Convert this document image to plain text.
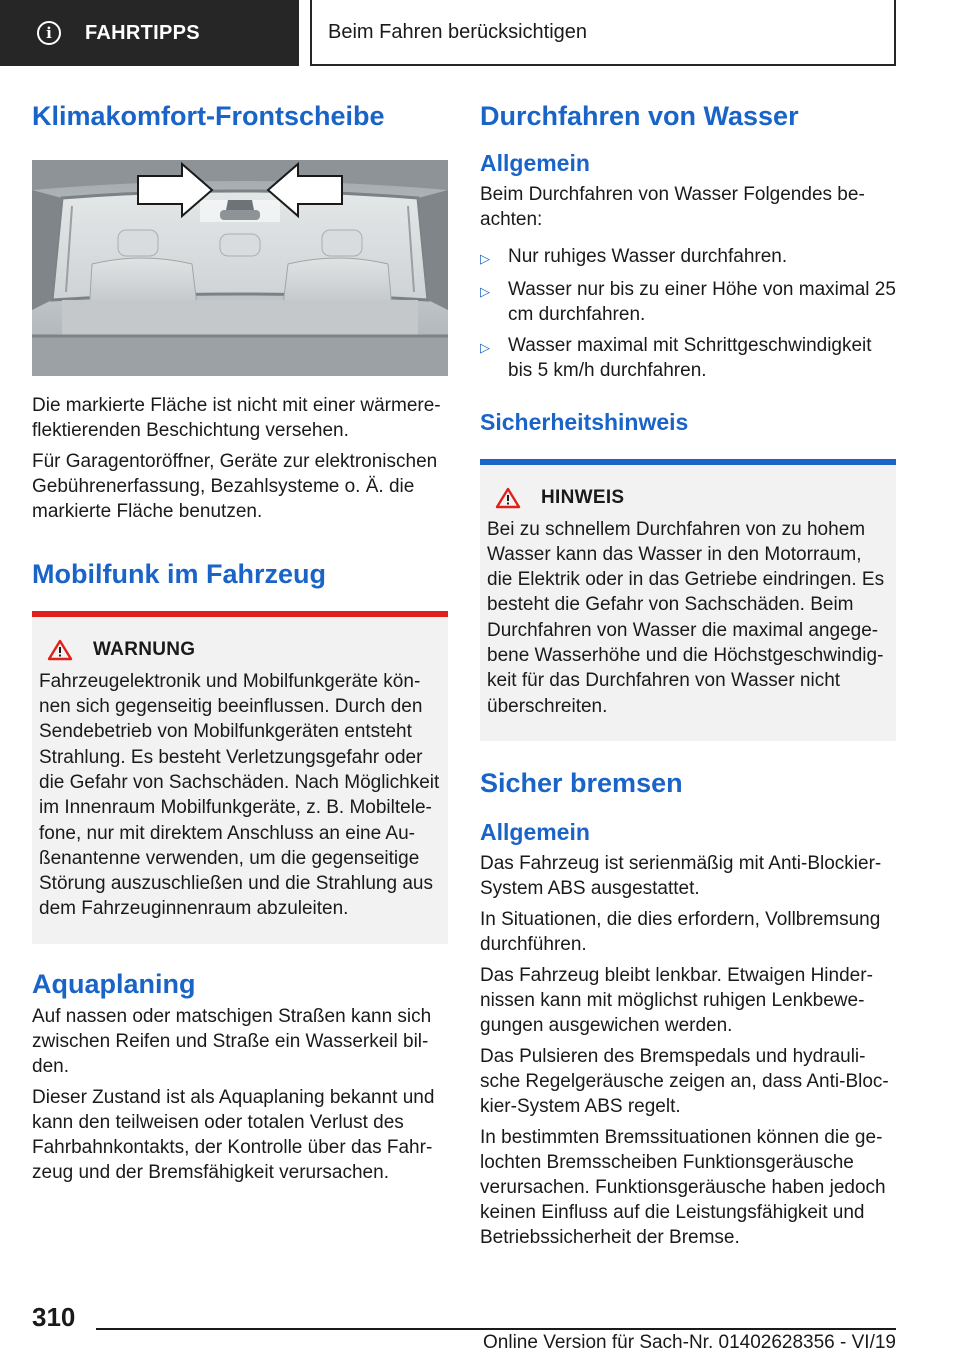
i	FAHRTIPPS	Beim Fahren berücksichtigen
Klimakomfort-Frontscheibe

Die markierte Fläche ist nicht mit einer wärmereflektierenden Beschichtung versehen.

Für Garagentoröffner, Geräte zur elektronischen Gebührenerfassung, Bezahlsysteme o. Ä. die markierte Fläche benutzen.

Mobilfunk im Fahrzeug
WARNUNG

Fahrzeugelektronik und Mobilfunkgeräte können sich gegenseitig beeinflussen. Durch den Sendebetrieb von Mobilfunkgeräten entsteht Strahlung. Es besteht Verletzungsgefahr oder die Gefahr von Sachschäden. Nach Möglichkeit im Innenraum Mobilfunkgeräte, z. B. Mobiltelefone, nur mit direktem Anschluss an eine Außenantenne verwenden, um die gegenseitige Störung auszuschließen und die Strahlung aus dem Fahrzeuginnenraum abzuleiten.

Aquaplaning

Auf nassen oder matschigen Straßen kann sich zwischen Reifen und Straße ein Wasserkeil bilden.

Dieser Zustand ist als Aquaplaning bekannt und kann den teilweisen oder totalen Verlust des Fahrbahnkontakts, der Kontrolle über das Fahrzeug und der Bremsfähigkeit verursachen.

Durchfahren von Wasser
Allgemein

Beim Durchfahren von Wasser Folgendes beachten:

▷ Nur ruhiges Wasser durchfahren.
▷ Wasser nur bis zu einer Höhe von maximal 25 cm durchfahren.
▷ Wasser maximal mit Schrittgeschwindigkeit bis 5 km/h durchfahren.
Sicherheitshinweis
HINWEIS

Bei zu schnellem Durchfahren von zu hohem Wasser kann das Wasser in den Motorraum, die Elektrik oder in das Getriebe eindringen. Es besteht die Gefahr von Sachschäden. Beim Durchfahren von Wasser die maximal angegebene Wasserhöhe und die Höchstgeschwindigkeit für das Durchfahren von Wasser nicht überschreiten.

Sicher bremsen
Allgemein

Das Fahrzeug ist serienmäßig mit Anti-Blockier-System ABS ausgestattet.

In Situationen, die dies erfordern, Vollbremsung durchführen.

Das Fahrzeug bleibt lenkbar. Etwaigen Hindernissen kann mit möglichst ruhigen Lenkbewegungen ausgewichen werden.

Das Pulsieren des Bremspedals und hydraulische Regelgeräusche zeigen an, dass Anti-Blockier-System ABS regelt.

In bestimmten Bremssituationen können die gelochten Bremsscheiben Funktionsgeräusche verursachen. Funktionsgeräusche haben jedoch keinen Einfluss auf die Leistungsfähigkeit und Betriebssicherheit der Bremse.

310
Online Version für Sach-Nr. 01402628356 - VI/19
